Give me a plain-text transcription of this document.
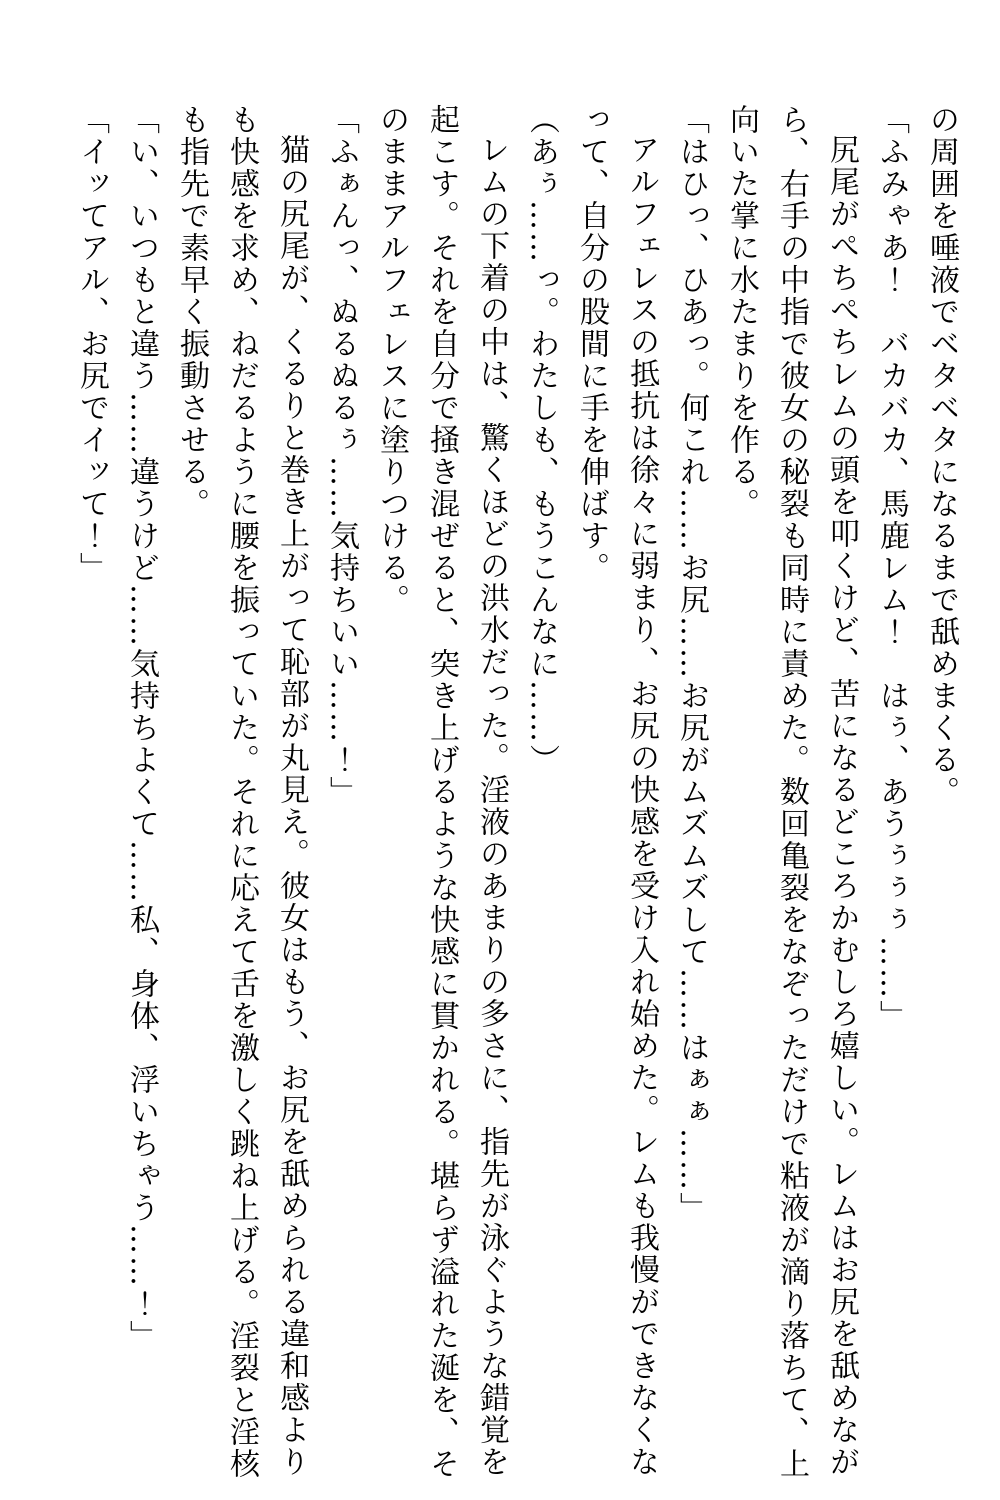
の周囲を唾液でベタベタになるまで舐めまくる。

「ふみゃあ！　バカバカ、馬鹿レム！　はぅ、あうぅぅぅ……」

尻尾がぺちぺちレムの頭を叩くけど、苦になるどころかむしろ嬉しい。レムはお尻を舐めながら、右手の中指で彼女の秘裂も同時に責めた。数回亀裂をなぞっただけで粘液が滴り落ちて、上向いた掌に水たまりを作る。

「はひっ、ひあっ。何これ……お尻……お尻がムズムズして……はぁぁ……」

アルフェレスの抵抗は徐々に弱まり、お尻の快感を受け入れ始めた。レムも我慢ができなくなって、自分の股間に手を伸ばす。

（あぅ……っ。わたしも、もうこんなに……）

レムの下着の中は、驚くほどの洪水だった。淫液のあまりの多さに、指先が泳ぐような錯覚を起こす。それを自分で掻き混ぜると、突き上げるような快感に貫かれる。堪らず溢れた涎を、そのままアルフェレスに塗りつける。

「ふぁんっ、ぬるぬるぅ……気持ちいい……！」

猫の尻尾が、くるりと巻き上がって恥部が丸見え。彼女はもう、お尻を舐められる違和感よりも快感を求め、ねだるように腰を振っていた。それに応えて舌を激しく跳ね上げる。淫裂と淫核も指先で素早く振動させる。

「い、いつもと違う……違うけど……気持ちよくて……私、身体、浮いちゃう……！」

「イッてアル、お尻でイッて！」
